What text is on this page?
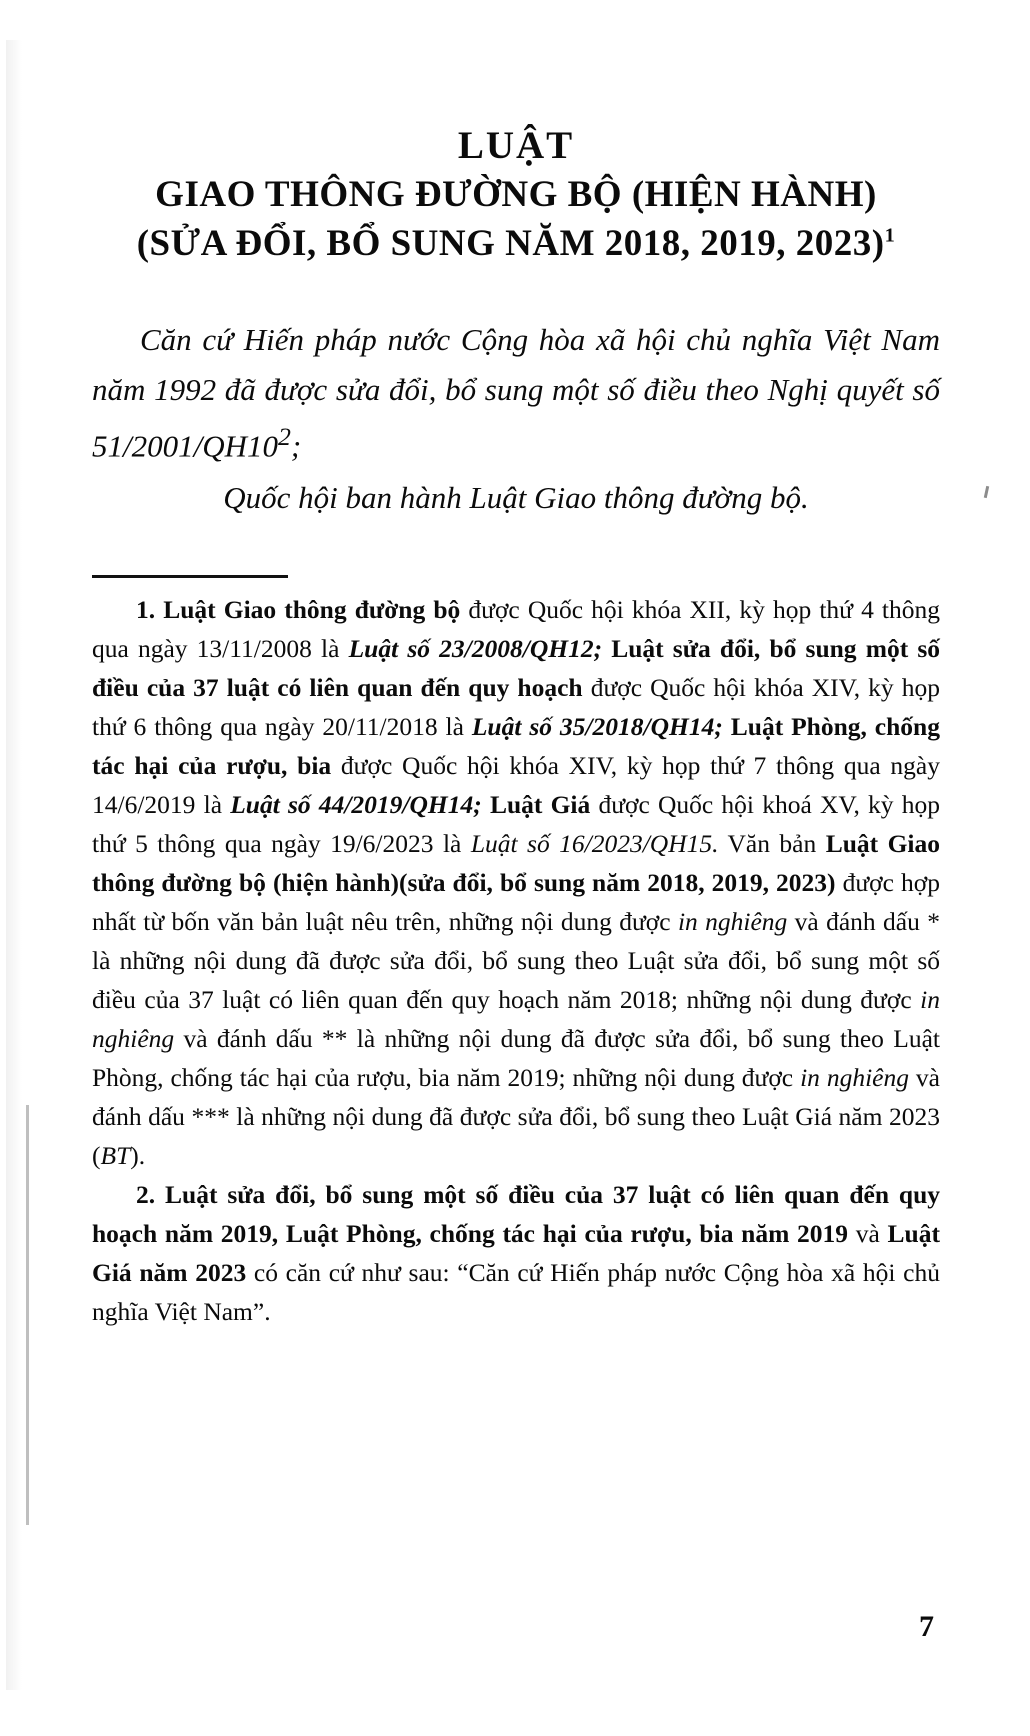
LUẬT
GIAO THÔNG ĐƯỜNG BỘ (HIỆN HÀNH)
(SỬA ĐỔI, BỔ SUNG NĂM 2018, 2019, 2023)$^1$

Căn cứ Hiến pháp nước Cộng hòa xã hội chủ nghĩa Việt Nam năm 1992 đã được sửa đổi, bổ sung một số điều theo Nghị quyết số $51/2001/QH10^2$;

Quốc hội ban hành Luật Giao thông đường bộ.

1. Luật Giao thông đường bộ được Quốc hội khóa XII, kỳ họp thứ 4 thông qua ngày 13/11/2008 là Luật số 23/2008/QH12; Luật sửa đổi, bổ sung một số điều của 37 luật có liên quan đến quy hoạch được Quốc hội khóa XIV, kỳ họp thứ 6 thông qua ngày 20/11/2018 là Luật số 35/2018/QH14; Luật Phòng, chống tác hại của rượu, bia được Quốc hội khóa XIV, kỳ họp thứ 7 thông qua ngày 14/6/2019 là Luật số 44/2019/QH14; Luật Giá được Quốc hội khoá XV, kỳ họp thứ 5 thông qua ngày 19/6/2023 là Luật số 16/2023/QH15. Văn bản Luật Giao thông đường bộ (hiện hành)(sửa đổi, bổ sung năm 2018, 2019, 2023) được hợp nhất từ bốn văn bản luật nêu trên, những nội dung được in nghiêng và đánh dấu * là những nội dung đã được sửa đổi, bổ sung theo Luật sửa đổi, bổ sung một số điều của 37 luật có liên quan đến quy hoạch năm 2018; những nội dung được in nghiêng và đánh dấu ** là những nội dung đã được sửa đổi, bổ sung theo Luật Phòng, chống tác hại của rượu, bia năm 2019; những nội dung được in nghiêng và đánh dấu *** là những nội dung đã được sửa đổi, bổ sung theo Luật Giá năm 2023 (BT).

2. Luật sửa đổi, bổ sung một số điều của 37 luật có liên quan đến quy hoạch năm 2019, Luật Phòng, chống tác hại của rượu, bia năm 2019 và Luật Giá năm 2023 có căn cứ như sau: “Căn cứ Hiến pháp nước Cộng hòa xã hội chủ nghĩa Việt Nam”.

7
